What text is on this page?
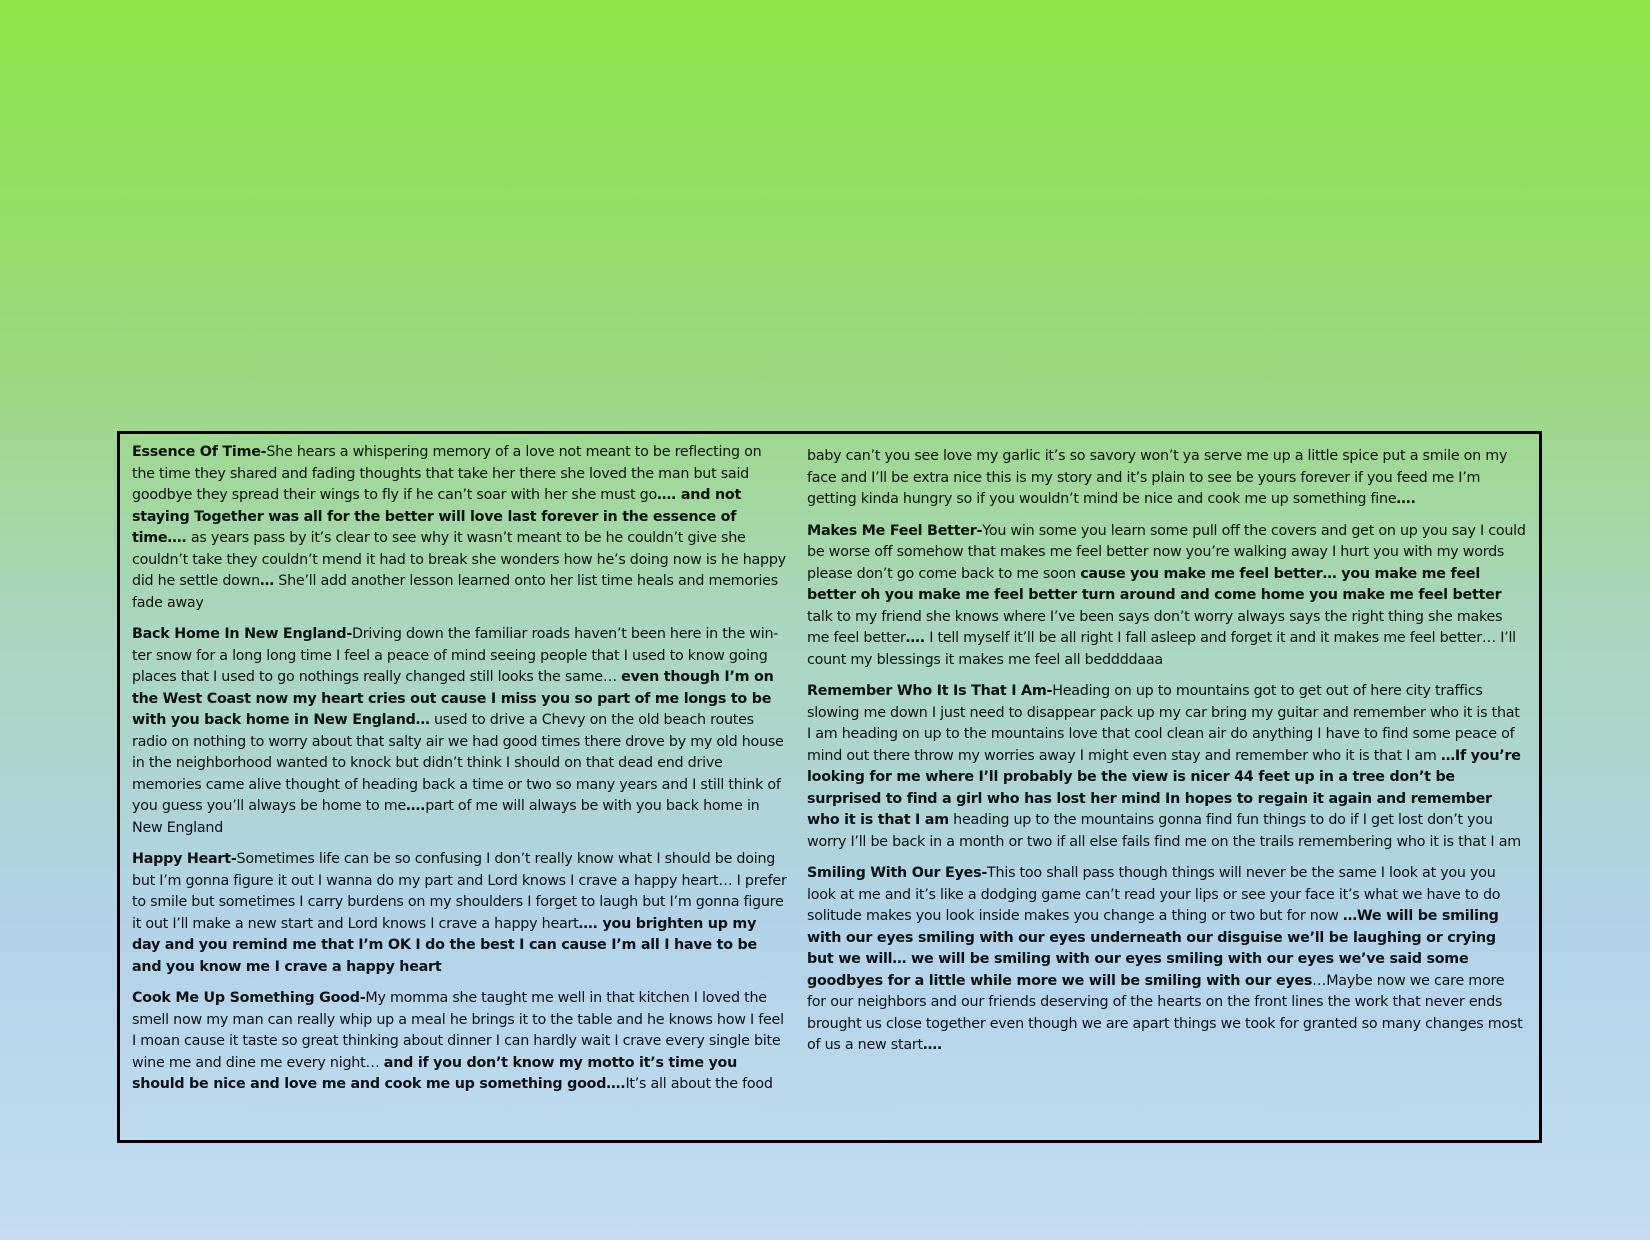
Essence Of Time-She hears a whispering memory of a love not meant to be reflecting on the time they shared and fading thoughts that take her there she loved the man but said goodbye they spread their wings to fly if he can’t soar with her she must go…. and not staying Together was all for the better will love last forever in the essence of time…. as years pass by it’s clear to see why it wasn’t meant to be he couldn’t give she couldn’t take they couldn’t mend it had to break she wonders how he’s doing now is he happy did he settle down… She’ll add another lesson learned onto her list time heals and memories fade away

Back Home In New England-Driving down the familiar roads haven’t been here in the win-ter snow for a long long time I feel a peace of mind seeing people that I used to know going places that I used to go nothings really changed still looks the same… even though I’m on the West Coast now my heart cries out cause I miss you so part of me longs to be with you back home in New England… used to drive a Chevy on the old beach routes radio on nothing to worry about that salty air we had good times there drove by my old house in the neighborhood wanted to knock but didn’t think I should on that dead end drive memories came alive thought of heading back a time or two so many years and I still think of you guess you’ll always be home to me….part of me will always be with you back home in New England

Happy Heart-Sometimes life can be so confusing I don’t really know what I should be doing but I’m gonna figure it out I wanna do my part and Lord knows I crave a happy heart… I prefer to smile but sometimes I carry burdens on my shoulders I forget to laugh but I’m gonna figure it out I’ll make a new start and Lord knows I crave a happy heart…. you brighten up my day and you remind me that I’m OK I do the best I can cause I’m all I have to be and you know me I crave a happy heart

Cook Me Up Something Good-My momma she taught me well in that kitchen I loved the smell now my man can really whip up a meal he brings it to the table and he knows how I feel I moan cause it taste so great thinking about dinner I can hardly wait I crave every single bite wine me and dine me every night… and if you don’t know my motto it’s time you should be nice and love me and cook me up something good….It’s all about the food

baby can’t you see love my garlic it’s so savory won’t ya serve me up a little spice put a smile on my face and I’ll be extra nice this is my story and it’s plain to see be yours forever if you feed me I’m getting kinda hungry so if you wouldn’t mind be nice and cook me up something fine….

Makes Me Feel Better-You win some you learn some pull off the covers and get on up you say I could be worse off somehow that makes me feel better now you’re walking away I hurt you with my words please don’t go come back to me soon cause you make me feel better… you make me feel better oh you make me feel better turn around and come home you make me feel better talk to my friend she knows where I’ve been says don’t worry always says the right thing she makes me feel better…. I tell myself it’ll be all right I fall asleep and forget it and it makes me feel better… I’ll count my blessings it makes me feel all beddddaaa

Remember Who It Is That I Am-Heading on up to mountains got to get out of here city traffics slowing me down I just need to disappear pack up my car bring my guitar and remember who it is that I am heading on up to the mountains love that cool clean air do anything I have to find some peace of mind out there throw my worries away I might even stay and remember who it is that I am …If you’re looking for me where I’ll probably be the view is nicer 44 feet up in a tree don’t be surprised to find a girl who has lost her mind In hopes to regain it again and remember who it is that I am heading up to the mountains gonna find fun things to do if I get lost don’t you worry I’ll be back in a month or two if all else fails find me on the trails remembering who it is that I am

Smiling With Our Eyes-This too shall pass though things will never be the same I look at you you look at me and it’s like a dodging game can’t read your lips or see your face it’s what we have to do solitude makes you look inside makes you change a thing or two but for now …We will be smiling with our eyes smiling with our eyes underneath our disguise we’ll be laughing or crying but we will… we will be smiling with our eyes smiling with our eyes we’ve said some goodbyes for a little while more we will be smiling with our eyes…Maybe now we care more for our neighbors and our friends deserving of the hearts on the front lines the work that never ends brought us close together even though we are apart things we took for granted so many changes most of us a new start….
